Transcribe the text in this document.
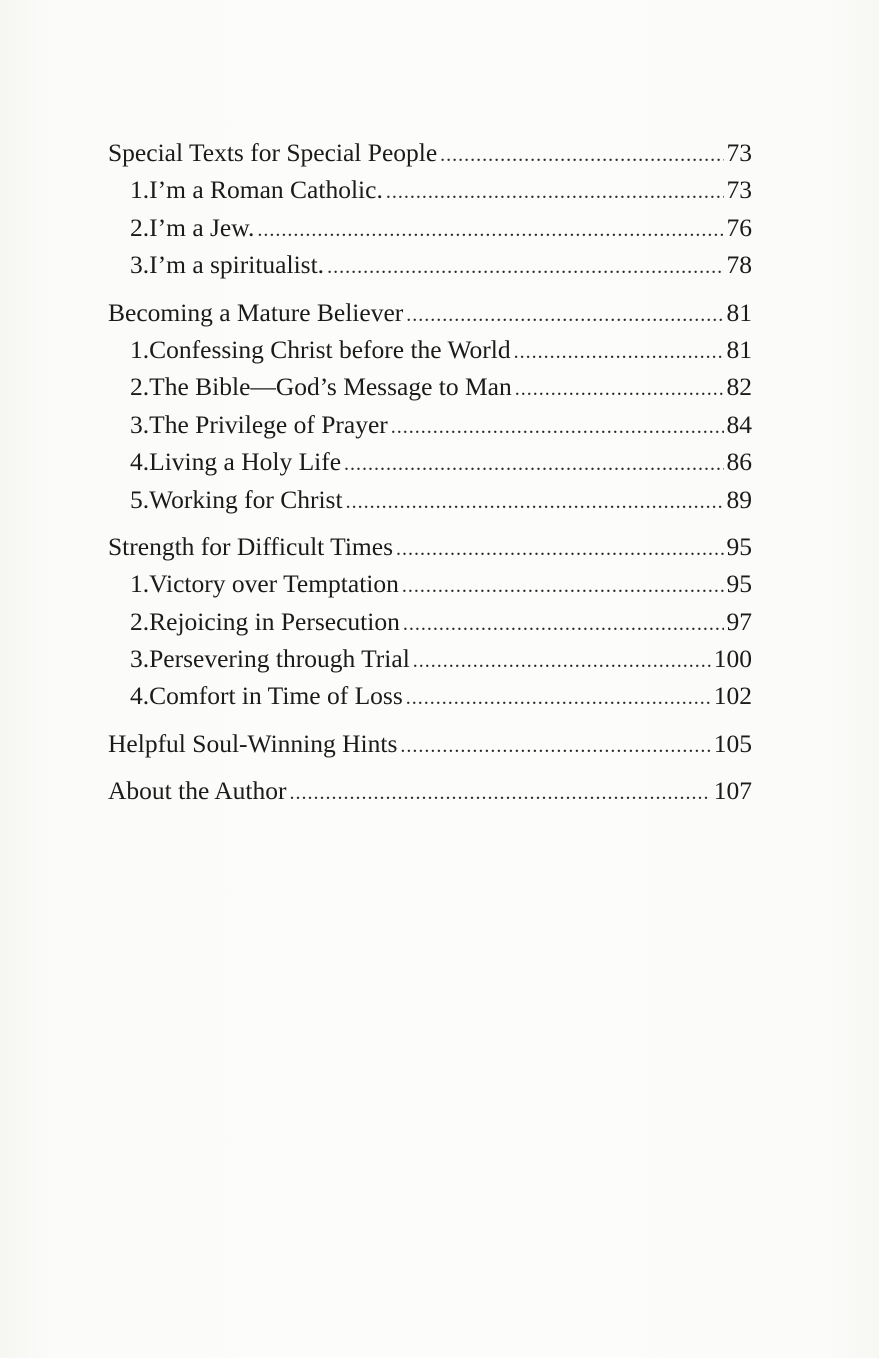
Special Texts for Special People .....	73
1. I’m a Roman Catholic. .....	73
2. I’m a Jew. .....	76
3. I’m a spiritualist. .....	78
Becoming a Mature Believer .....	81
1. Confessing Christ before the World .....	81
2. The Bible—God’s Message to Man .....	82
3. The Privilege of Prayer .....	84
4. Living a Holy Life .....	86
5. Working for Christ .....	89
Strength for Difficult Times .....	95
1. Victory over Temptation .....	95
2. Rejoicing in Persecution .....	97
3. Persevering through Trial .....	100
4. Comfort in Time of Loss .....	102
Helpful Soul-Winning Hints .....	105
About the Author .....	107
